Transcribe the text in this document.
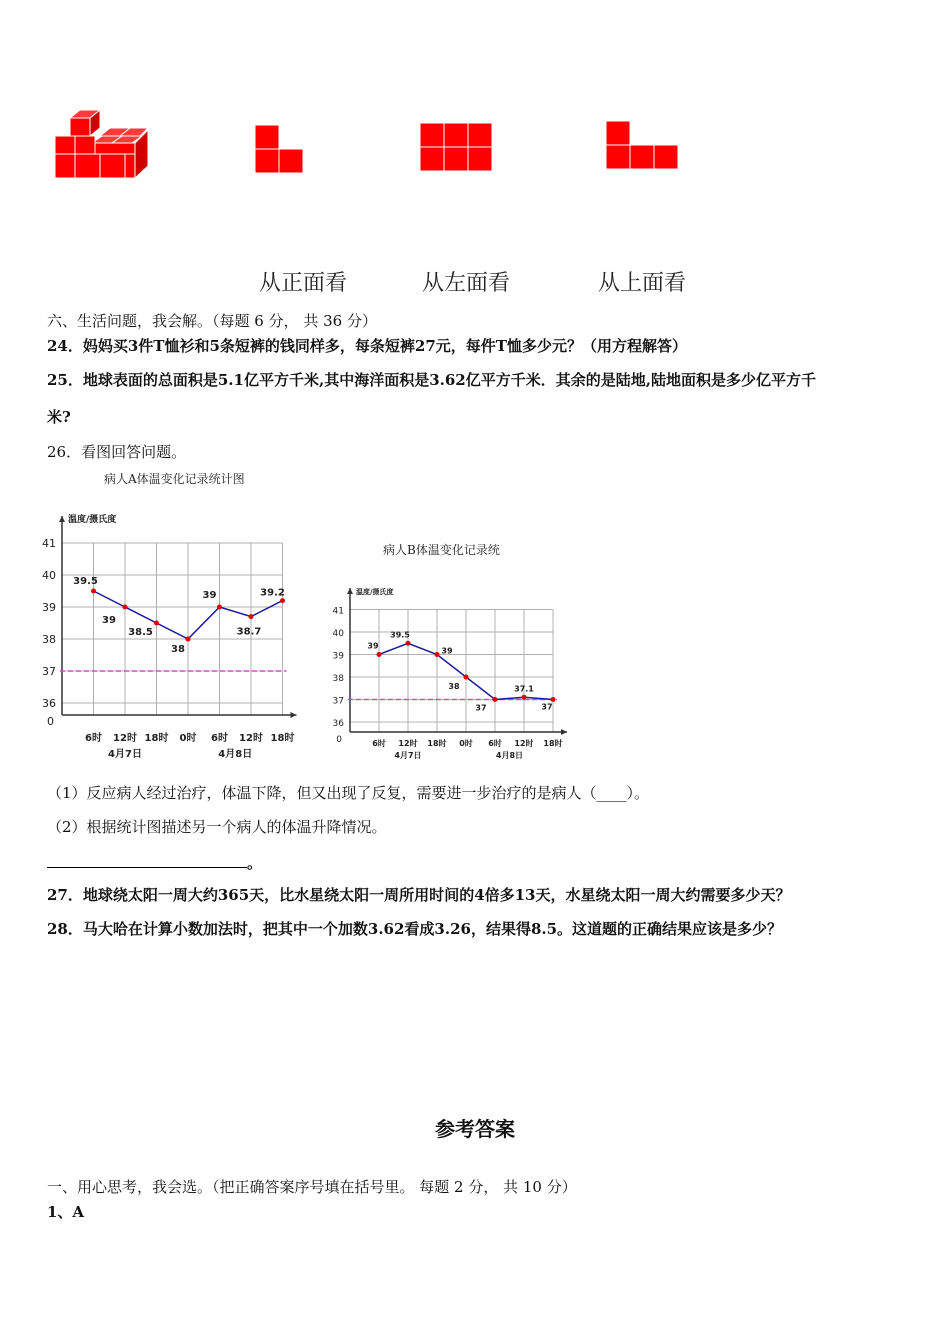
从正面看	从左面看	从上面看
六、生活问题，我会解。（每题 6 分， 共 36 分）
24．妈妈买3件T恤衫和5条短裤的钱同样多，每条短裤27元，每件T恤多少元？（用方程解答）
25．地球表面的总面积是5.1亿平方千米,其中海洋面积是3.62亿平方千米．其余的是陆地,陆地面积是多少亿平方千
米?
26．看图回答问题。
病人A体温变化记录统计图
温度/摄氏度
36
37
38
39
40
41
0
6时 12时 18时 0时 6时 12时 18时
4月7日	4月8日
39.5
39
38.5
38
39
38.7
39.2
病人B体温变化记录统
温度/摄氏度
36
37
38
39
40
41
0	6时 12时 18时 0时 6时 12时 18时
4月7日	4月8日
39
39.5
39
38
37
37.1
37
（1）反应病人经过治疗，体温下降，但又出现了反复，需要进一步治疗的是病人（____）。
（2）根据统计图描述另一个病人的体温升降情况。
。
27．地球绕太阳一周大约365天，比水星绕太阳一周所用时间的4倍多13天，水星绕太阳一周大约需要多少天？
28．马大哈在计算小数加法时，把其中一个加数3.62看成3.26，结果得8.5。这道题的正确结果应该是多少？
参考答案
一、用心思考，我会选。（把正确答案序号填在括号里。 每题 2 分， 共 10 分）
1、A
